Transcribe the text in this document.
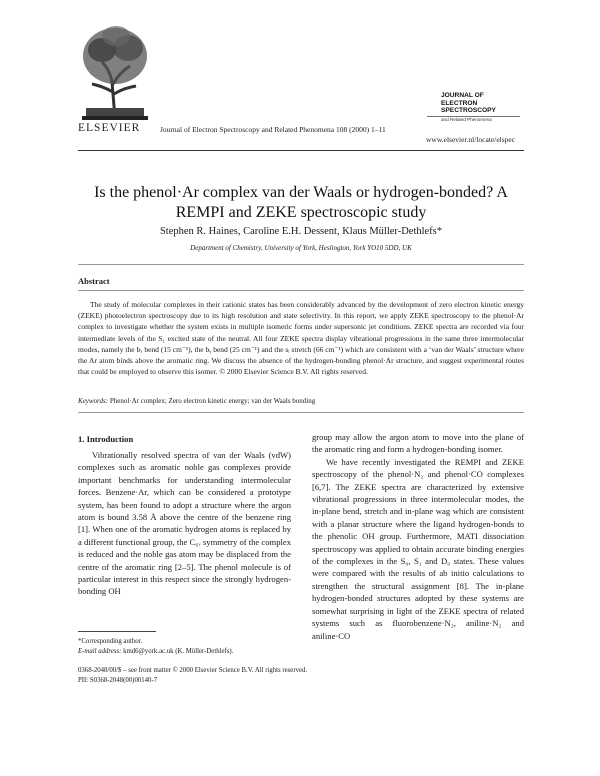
ELSEVIER	Journal of Electron Spectroscopy and Related Phenomena 108 (2000) 1–11
JOURNAL OF
ELECTRON SPECTROSCOPY
and Related Phenomena
www.elsevier.nl/locate/elspec
Is the phenol·Ar complex van der Waals or hydrogen-bonded? A
REMPI and ZEKE spectroscopic study
Stephen R. Haines, Caroline E.H. Dessent, Klaus Müller-Dethlefs*
Department of Chemistry, University of York, Heslington, York YO10 5DD, UK
Abstract
The study of molecular complexes in their cationic states has been considerably advanced by the development of zero electron kinetic energy (ZEKE) photoelectron spectroscopy due to its high resolution and state selectivity. In this report, we apply ZEKE spectroscopy to the phenol·Ar complex to investigate whether the system exists in multiple isomeric forms under supersonic jet conditions. ZEKE spectra are recorded via four intermediate levels of the S₁ excited state of the neutral. All four ZEKE spectra display vibrational progressions in the same three intermolecular modes, namely the bₓ bend (15 cm⁻¹), the bᵧ bend (25 cm⁻¹) and the sᵢ stretch (66 cm⁻¹) which are consistent with a ‘van der Waals’ structure where the Ar atom binds above the aromatic ring. We discuss the absence of the hydrogen-bonding phenol·Ar structure, and suggest experimental routes that could be employed to observe this isomer. © 2000 Elsevier Science B.V. All rights reserved.
Keywords: Phenol·Ar complex; Zero electron kinetic energy; van der Waals bonding
1. Introduction

Vibrationally resolved spectra of van der Waals (vdW) complexes such as aromatic noble gas complexes provide important benchmarks for understanding intermolecular forces. Benzene·Ar, which can be considered a prototype system, has been found to adopt a structure where the argon atom is bound 3.58 Å above the centre of the benzene ring [1]. When one of the aromatic hydrogen atoms is replaced by a different functional group, the C₆ᵥ symmetry of the complex is reduced and the noble gas atom may be displaced from the centre of the aromatic ring [2–5]. The phenol molecule is of particular interest in this respect since the strongly hydrogen-bonding OH

group may allow the argon atom to move into the plane of the aromatic ring and form a hydrogen-bonding isomer.

We have recently investigated the REMPI and ZEKE spectroscopy of the phenol·N₂ and phenol·CO complexes [6,7]. The ZEKE spectra are characterized by extensive vibrational progressions in three intermolecular modes, the in-plane bend, stretch and in-plane wag which are consistent with a planar structure where the ligand hydrogen-bonds to the phenolic OH group. Furthermore, MATI dissociation spectroscopy was applied to obtain accurate binding energies of the complexes in the S₀, S₁ and D₀ states. These values were compared with the results of ab initio calculations to strengthen the structural assignment [8]. The in-plane hydrogen-bonded structures adopted by these systems are somewhat surprising in light of the ZEKE spectra of related systems such as fluorobenzene·N₂, aniline·N₂ and aniline·CO

*Corresponding author.
E-mail address: kmd6@york.ac.uk (K. Müller-Dethlefs).
0368-2048/00/$ – see front matter © 2000 Elsevier Science B.V. All rights reserved.
PII: S0368-2048(00)00140-7
